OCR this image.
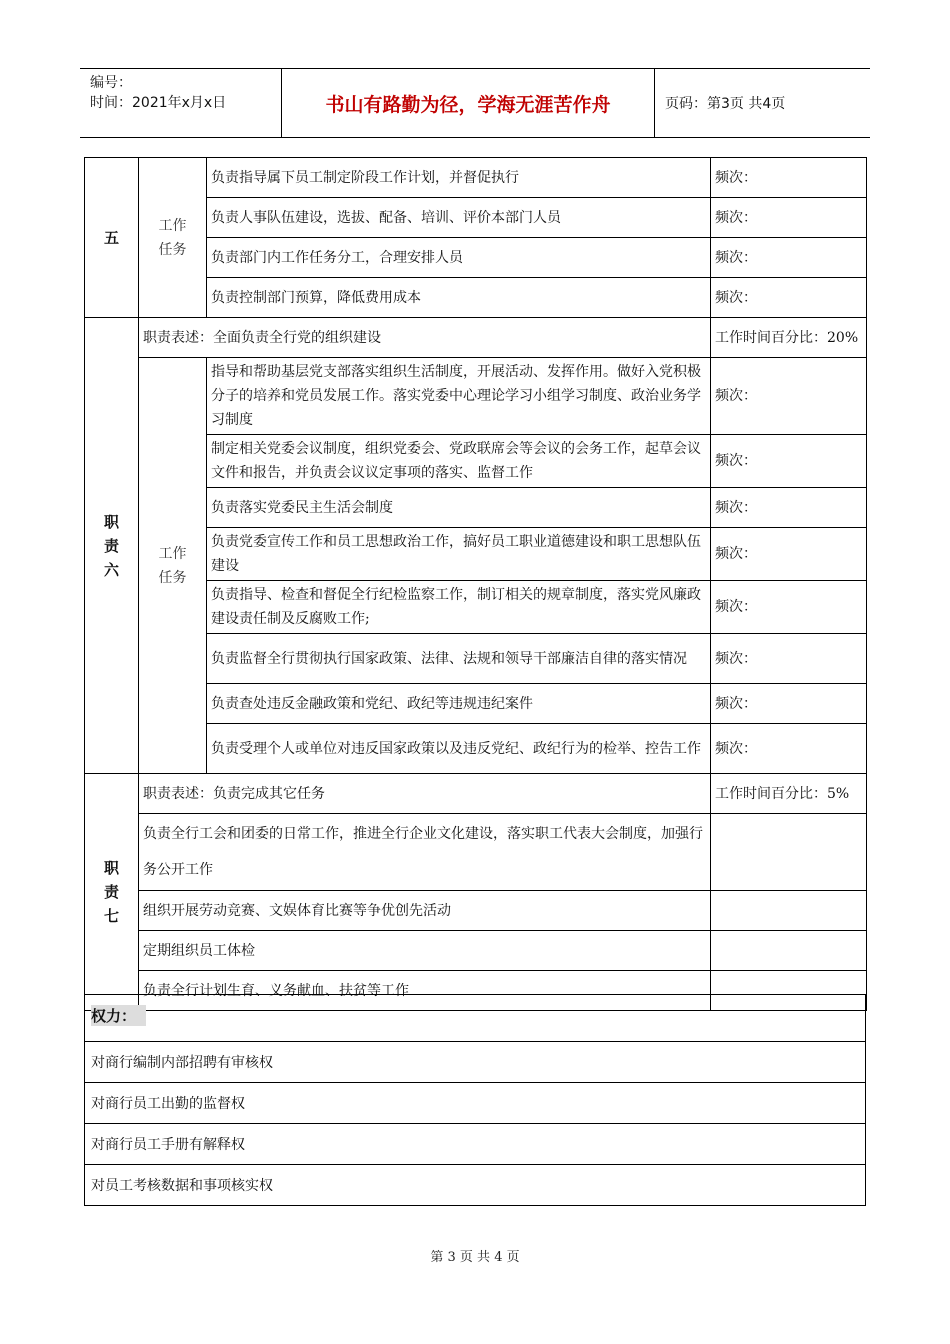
编号：
时间：2021年x月x日	书山有路勤为径，学海无涯苦作舟	页码：第3页 共4页
五	工作任务	负责指导属下员工制定阶段工作计划，并督促执行	频次：
		负责人事队伍建设，选拔、配备、培训、评价本部门人员	频次：
		负责部门内工作任务分工，合理安排人员	频次：
		负责控制部门预算，降低费用成本	频次：
职责六	职责表述：全面负责全行党的组织建设		工作时间百分比：20%
	工作任务	指导和帮助基层党支部落实组织生活制度，开展活动、发挥作用。做好入党积极分子的培养和党员发展工作。落实党委中心理论学习小组学习制度、政治业务学习制度	频次：
		制定相关党委会议制度，组织党委会、党政联席会等会议的会务工作，起草会议文件和报告，并负责会议议定事项的落实、监督工作	频次：
		负责落实党委民主生活会制度	频次：
		负责党委宣传工作和员工思想政治工作，搞好员工职业道德建设和职工思想队伍建设	频次：
		负责指导、检查和督促全行纪检监察工作，制订相关的规章制度，落实党风廉政建设责任制及反腐败工作;	频次：
		负责监督全行贯彻执行国家政策、法律、法规和领导干部廉洁自律的落实情况	频次：
		负责查处违反金融政策和党纪、政纪等违规违纪案件	频次：
		负责受理个人或单位对违反国家政策以及违反党纪、政纪行为的检举、控告工作	频次：
职责七	职责表述：负责完成其它任务		工作时间百分比：5%
	负责全行工会和团委的日常工作，推进全行企业文化建设，落实职工代表大会制度，加强行务公开工作		
	组织开展劳动竞赛、文娱体育比赛等争优创先活动		
	定期组织员工体检		
	负责全行计划生育、义务献血、扶贫等工作		
权力：
对商行编制内部招聘有审核权
对商行员工出勤的监督权
对商行员工手册有解释权
对员工考核数据和事项核实权
第 3 页 共 4 页
